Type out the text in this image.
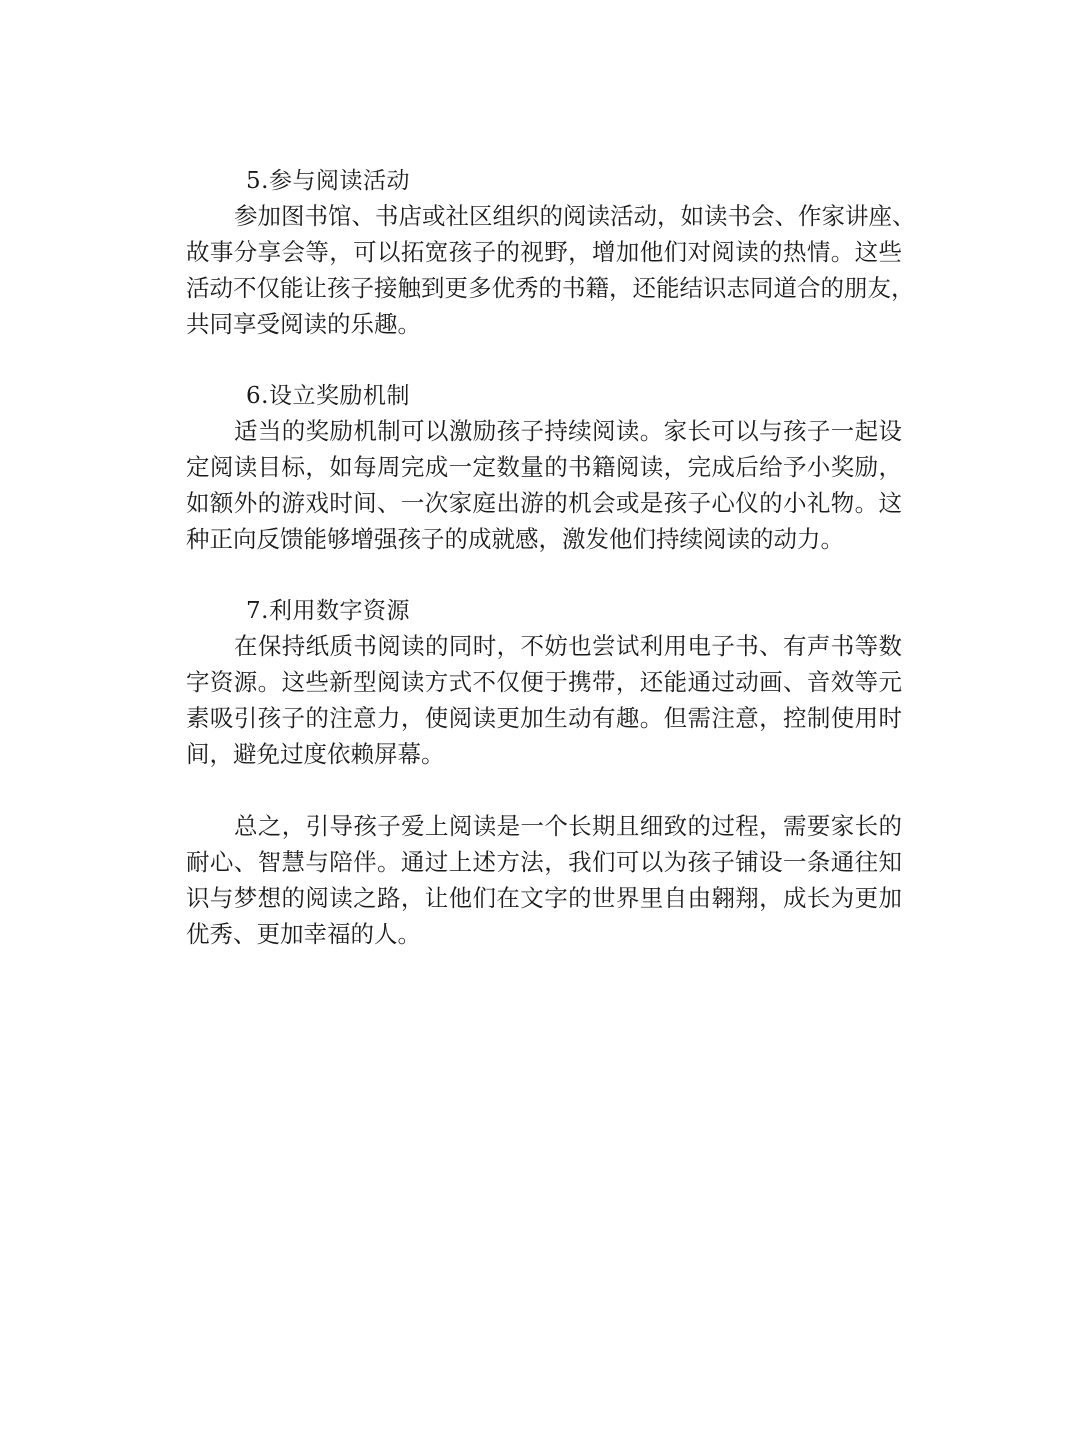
5.参与阅读活动
参加图书馆、书店或社区组织的阅读活动，如读书会、作家讲座、
故事分享会等，可以拓宽孩子的视野，增加他们对阅读的热情。这些
活动不仅能让孩子接触到更多优秀的书籍，还能结识志同道合的朋友，
共同享受阅读的乐趣。
6.设立奖励机制
适当的奖励机制可以激励孩子持续阅读。家长可以与孩子一起设
定阅读目标，如每周完成一定数量的书籍阅读，完成后给予小奖励，
如额外的游戏时间、一次家庭出游的机会或是孩子心仪的小礼物。这
种正向反馈能够增强孩子的成就感，激发他们持续阅读的动力。
7.利用数字资源
在保持纸质书阅读的同时，不妨也尝试利用电子书、有声书等数
字资源。这些新型阅读方式不仅便于携带，还能通过动画、音效等元
素吸引孩子的注意力，使阅读更加生动有趣。但需注意，控制使用时
间，避免过度依赖屏幕。
总之，引导孩子爱上阅读是一个长期且细致的过程，需要家长的
耐心、智慧与陪伴。通过上述方法，我们可以为孩子铺设一条通往知
识与梦想的阅读之路，让他们在文字的世界里自由翱翔，成长为更加
优秀、更加幸福的人。
